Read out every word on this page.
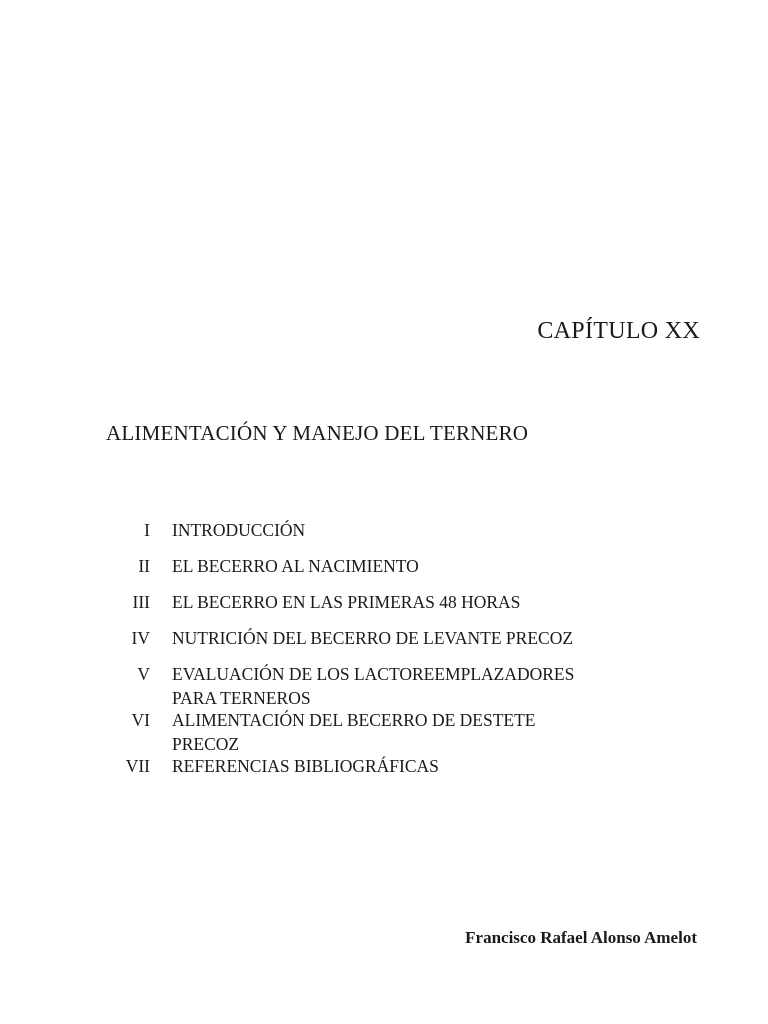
CAPÍTULO XX
ALIMENTACIÓN Y MANEJO DEL TERNERO
I INTRODUCCIÓN
II EL BECERRO AL NACIMIENTO
III EL BECERRO EN LAS PRIMERAS 48 HORAS
IV NUTRICIÓN DEL BECERRO DE LEVANTE PRECOZ
V EVALUACIÓN DE LOS LACTOREEMPLAZADORES
PARA TERNEROS
VI ALIMENTACIÓN DEL BECERRO DE DESTETE
PRECOZ
VII REFERENCIAS BIBLIOGRÁFICAS
Francisco Rafael Alonso Amelot
